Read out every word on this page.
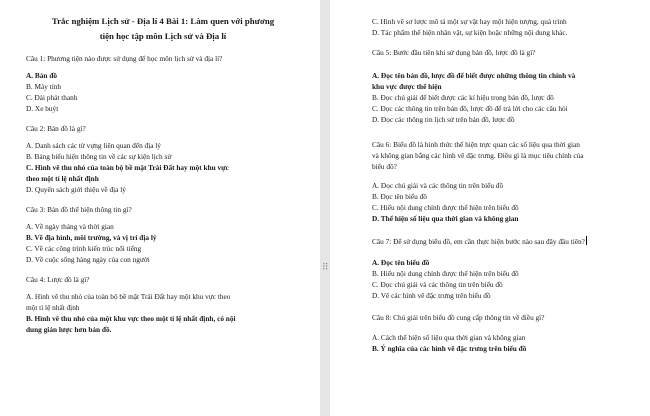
Trắc nghiệm Lịch sử - Địa lí 4 Bài 1: Làm quen với phương
tiện học tập môn Lịch sử và Địa lí
Câu 1: Phương tiện nào được sử dụng để học môn lịch sử và địa lí?
A. Bản đồ
B. Máy tính
C. Đài phát thanh
D. Xe buýt
Câu 2: Bản đồ là gì?
A. Danh sách các từ vựng liên quan đến địa lý
B. Bảng biểu hiện thông tin về các sự kiện lịch sử
C. Hình vẽ thu nhỏ của toàn bộ bề mặt Trái Đất hay một khu vực
theo một tỉ lệ nhất định
D. Quyển sách giới thiệu về địa lý
Câu 3: Bản đồ thể hiện thông tin gì?
A. Về ngày tháng và thời gian
B. Về địa hình, môi trường, và vị trí địa lý
C. Về các công trình kiến trúc nổi tiếng
D. Về cuộc sống hàng ngày của con người
Câu 4: Lược đồ là gì?
A. Hình vẽ thu nhỏ của toàn bộ bề mặt Trái Đất hay một khu vực theo
một tỉ lệ nhất định
B. Hình vẽ thu nhỏ của một khu vực theo một tỉ lệ nhất định, có nội
dung giản lược hơn bản đồ.
C. Hình vẽ sơ lược mô tả một sự vật hay một hiện tượng, quá trình
D. Tác phẩm thể hiện nhân vật, sự kiện hoặc những nội dung khác.
Câu 5: Bước đầu tiên khi sử dụng bản đồ, lược đồ là gì?
A. Đọc tên bản đồ, lược đồ để biết được những thông tin chính và
khu vực được thể hiện
B. Đọc chú giải để biết được các kí hiệu trong bản đồ, lược đồ
C. Đọc các thông tin trên bản đồ, lược đồ để trả lời cho các câu hỏi
D. Đọc các thông tin lịch sử trên bản đồ, lược đồ
Câu 6: Biểu đồ là hình thức thể hiện trực quan các số liệu qua thời gian
và không gian bằng các hình vẽ đặc trưng. Điều gì là mục tiêu chính của
biểu đồ?
A. Đọc chú giải và các thông tin trên biểu đồ
B. Đọc tên biểu đồ
C. Hiểu nội dung chính được thể hiện trên biểu đồ
D. Thể hiện số liệu qua thời gian và không gian
Câu 7: Để sử dụng biểu đồ, em cần thực hiện bước nào sau đây đầu tiên?
A. Đọc tên biểu đồ
B. Hiểu nội dung chính được thể hiện trên biểu đồ
C. Đọc chú giải và các thông tin trên biểu đồ
D. Vẽ các hình vẽ đặc trưng trên biểu đồ
Câu 8: Chú giải trên biểu đồ cung cấp thông tin về điều gì?
A. Cách thể hiện số liệu qua thời gian và không gian
B. Ý nghĩa của các hình vẽ đặc trưng trên biểu đồ
⠿
